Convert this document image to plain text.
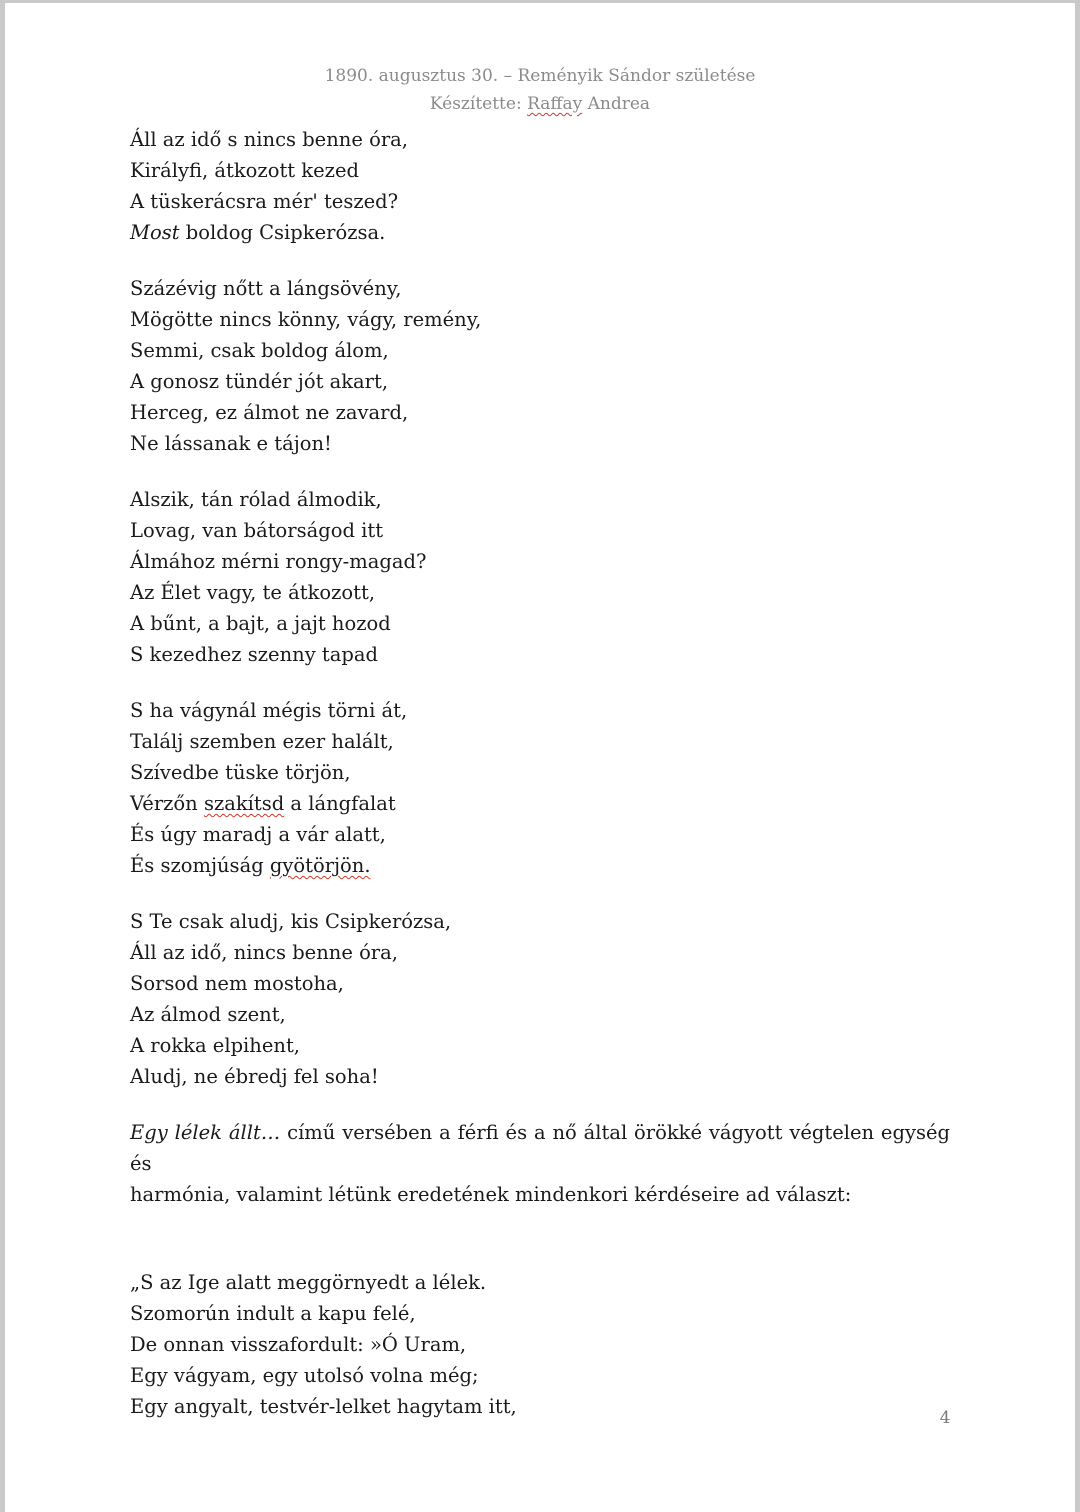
1890. augusztus 30. – Reményik Sándor születése
Készítette: Raffay Andrea
Áll az idő s nincs benne óra,
Királyfi, átkozott kezed
A tüskerácsra mér' teszed?
Most boldog Csipkerózsa.
Százévig nőtt a lángsövény,
Mögötte nincs könny, vágy, remény,
Semmi, csak boldog álom,
A gonosz tündér jót akart,
Herceg, ez álmot ne zavard,
Ne lássanak e tájon!
Alszik, tán rólad álmodik,
Lovag, van bátorságod itt
Álmához mérni rongy-magad?
Az Élet vagy, te átkozott,
A bűnt, a bajt, a jajt hozod
S kezedhez szenny tapad
S ha vágynál mégis törni át,
Találj szemben ezer halált,
Szívedbe tüske törjön,
Vérzőn szakítsd a lángfalat
És úgy maradj a vár alatt,
És szomjúság gyötörjön.
S Te csak aludj, kis Csipkerózsa,
Áll az idő, nincs benne óra,
Sorsod nem mostoha,
Az álmod szent,
A rokka elpihent,
Aludj, ne ébredj fel soha!
Egy lélek állt… című versében a férfi és a nő által örökké vágyott végtelen egység és
harmónia, valamint létünk eredetének mindenkori kérdéseire ad választ:
„S az Ige alatt meggörnyedt a lélek.
Szomorún indult a kapu felé,
De onnan visszafordult: »Ó Uram,
Egy vágyam, egy utolsó volna még;
Egy angyalt, testvér-lelket hagytam itt,	4
